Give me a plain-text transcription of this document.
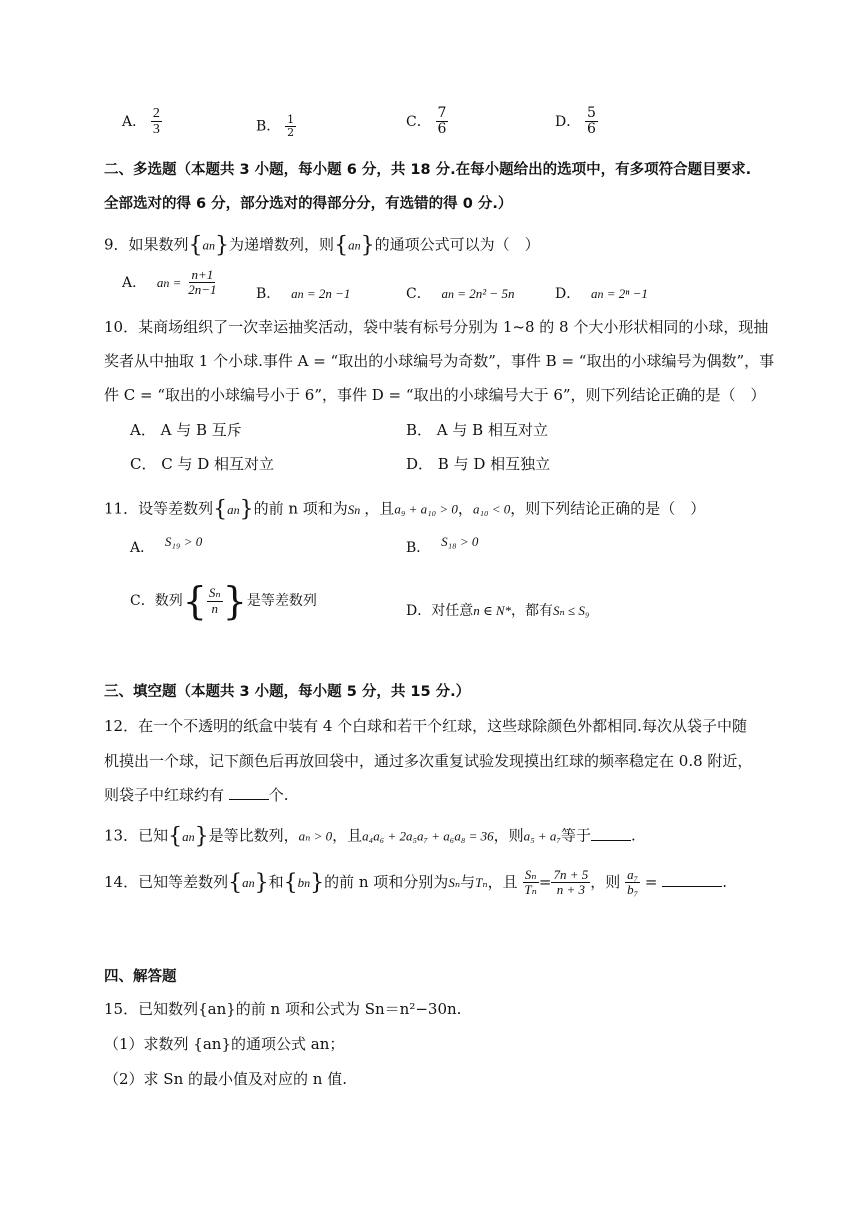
A． $\frac{2}{3}$	B． $\frac{1}{2}$	C． $\frac{7}{6}$	D． $\frac{5}{6}$
二、多选题（本题共 3 小题，每小题 6 分，共 18 分.在每小题给出的选项中，有多项符合题目要求.
全部选对的得 6 分，部分选对的得部分分，有选错的得 0 分.）
9．如果数列{an}为递增数列，则{an}的通项公式可以为（　）
A． an = $\frac{n+1}{2n-1}$	B． an = 2n −1	C． an = 2n² − 5n	D． an = 2ⁿ −1
10．某商场组织了一次幸运抽奖活动，袋中装有标号分别为 1~8 的 8 个大小形状相同的小球，现抽
奖者从中抽取 1 个小球.事件 A = “取出的小球编号为奇数”，事件 B = “取出的小球编号为偶数”，事
件 C = “取出的小球编号小于 6”，事件 D = “取出的小球编号大于 6”，则下列结论正确的是（　）
A． A 与 B 互斥	B． A 与 B 相互对立
C． C 与 D 相互对立	D． B 与 D 相互独立
11．设等差数列{an}的前 n 项和为Sn ，且a₉ + a₁₀ > 0，a₁₀ < 0，则下列结论正确的是（　）
A． S₁₉ > 0	B． S₁₈ > 0
C．数列{ $\frac{\text{Sₙ}}{n}$ }是等差数列
D．对任意n ∈ N*，都有Sₙ ≤ S₉
三、填空题（本题共 3 小题，每小题 5 分，共 15 分.）
12．在一个不透明的纸盒中装有 4 个白球和若干个红球，这些球除颜色外都相同.每次从袋子中随
机摸出一个球，记下颜色后再放回袋中，通过多次重复试验发现摸出红球的频率稳定在 0.8 附近，
则袋子中红球约有	个.
13．已知{an}是等比数列，aₙ > 0，且a₄a₆ + 2a₅a₇ + a₆a₈ = 36，则a₅ + a₇等于	.
14．已知等差数列{an}和{bn}的前 n 项和分别为Sₙ与Tₙ，且 $\frac{\text{Sₙ}}{\text{Tₙ}} = \frac{7n + 5}{n + 3}$ ，则 $\frac{\text{a₇}}{\text{b₇}}$ =	.
四、解答题
15．已知数列{an}的前 n 项和公式为 Sn＝n²−30n.
（1）求数列 {an}的通项公式 an；
（2）求 Sn 的最小值及对应的 n 值.
